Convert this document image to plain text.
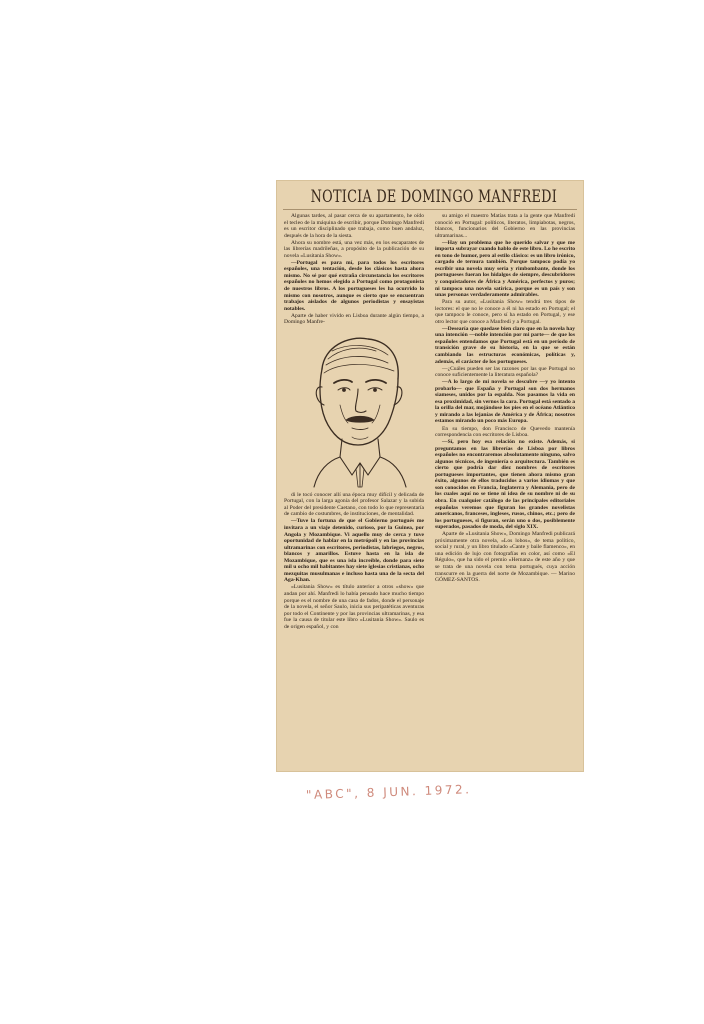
NOTICIA DE DOMINGO MANFREDI

Algunas tardes, al pasar cerca de su apartamento, he oído el tecleo de la máquina de escribir, porque Domingo Manfredi es un escritor disciplinado que trabaja, como buen andaluz, después de la hora de la siesta.

Ahora su nombre está, una vez más, en los escaparates de las librerías madrileñas, a propósito de la publicación de su novela «Lusitania Show».

—Portugal es para mí, para todos los escritores españoles, una tentación, desde los clásicos hasta ahora mismo. No sé por qué extraña circunstancia los escritores españoles no hemos elegido a Portugal como protagonista de nuestros libros. A los portugueses les ha ocurrido lo mismo con nosotros, aunque es cierto que se encuentran trabajos aislados de algunos periodistas y ensayistas notables.

Aparte de haber vivido en Lisboa durante algún tiempo, a Domingo Manfre-

di le tocó conocer allí una época muy difícil y delicada de Portugal, con la larga agonía del profesor Salazar y la subida al Poder del presidente Caetano, con todo lo que representaría de cambio de costumbres, de instituciones, de mentalidad.

—Tuve la fortuna de que el Gobierno portugués me invitara a un viaje detenido, curioso, por la Guinea, por Angola y Mozambique. Vi aquello muy de cerca y tuve oportunidad de hablar en la metrópoli y en las provincias ultramarinas con escritores, periodistas, labriegos, negros, blancos y amarillos. Estuve hasta en la isla de Mozambique, que es una isla increíble, donde para siete mil u ocho mil habitantes hay siete iglesias cristianas, ocho mezquitas musulmanas e incluso hasta una de la secta del Aga-Khan.

«Lusitania Show» es título anterior a otros «show» que andan por ahí. Manfredi lo había pensado hace mucho tiempo porque es el nombre de una casa de fados, donde el personaje de la novela, el señor Saulo, inicia sus peripatéticas aventuras por todo el Continente y por las provincias ultramarinas, y esa fue la causa de titular este libro «Lusitania Show». Saulo es de origen español, y con

su amigo el maestro Matías trata a la gente que Manfredi conoció en Portugal: políticos, literatos, limpiabotas, negros, blancos, funcionarios del Gobierno en las provincias ultramarinas...

—Hay un problema que he querido salvar y que me importa subrayar cuando hablo de este libro. Lo he escrito en tono de humor, pero al estilo clásico: es un libro irónico, cargado de ternura también. Porque tampoco podía yo escribir una novela muy seria y rimbombante, donde los portugueses fueran los hidalgos de siempre, descubridores y conquistadores de África y América, perfectos y puros; ni tampoco una novela satírica, porque es un país y son unas personas verdaderamente admirables.

Para su autor, «Lusitania Show» tendrá tres tipos de lectores: el que no le conoce a él ni ha estado en Portugal; el que tampoco le conoce, pero sí ha estado en Portugal, y ese otro lector que conoce a Manfredi y a Portugal.

—Desearía que quedase bien claro que en la novela hay una intención —noble intención por mi parte— de que los españoles entendamos que Portugal está en un período de transición grave de su historia, en la que se están cambiando las estructuras económicas, políticas y, además, el carácter de los portugueses.

—¿Cuáles pueden ser las razones por las que Portugal no conoce suficientemente la literatura española?

—A lo largo de mi novela se descubre —y yo intento probarlo— que España y Portugal son dos hermanos siameses, unidos por la espalda. Nos pasamos la vida en esa proximidad, sin vernos la cara. Portugal está sentado a la orilla del mar, mojándose los pies en el océano Atlántico y mirando a las lejanías de América y de África; nosotros estamos mirando un poco más Europa.

En su tiempo, don Francisco de Quevedo mantenía correspondencia con escritores de Lisboa.

—Sí, pero hoy esa relación no existe. Además, si preguntamos en las librerías de Lisboa por libros españoles no encontraremos absolutamente ninguno, salvo algunos técnicos, de ingeniería o arquitectura. También es cierto que podría dar diez nombres de escritores portugueses importantes, que tienen ahora mismo gran éxito, algunos de ellos traducidos a varios idiomas y que son conocidos en Francia, Inglaterra y Alemania, pero de los cuales aquí no se tiene ni idea de su nombre ni de su obra. En cualquier catálogo de las principales editoriales españolas veremos que figuran los grandes novelistas americanos, franceses, ingleses, rusos, chinos, etc.; pero de los portugueses, si figuran, serán uno o dos, posiblemente superados, pasados de moda, del siglo XIX.

Aparte de «Lusitania Show», Domingo Manfredi publicará próximamente otra novela, «Los lobos», de tema político, social y rural, y un libro titulado «Cante y baile flamenco», en una edición de lujo con fotografías en color, así como «El Régulo», que ha sido el premio «Hernanz» de este año y que se trata de una novela con tema portugués, cuya acción transcurre en la guerra del norte de Mozambique. — Marino GÓMEZ-SANTOS.

"ABC", 8 JUN. 1972.
